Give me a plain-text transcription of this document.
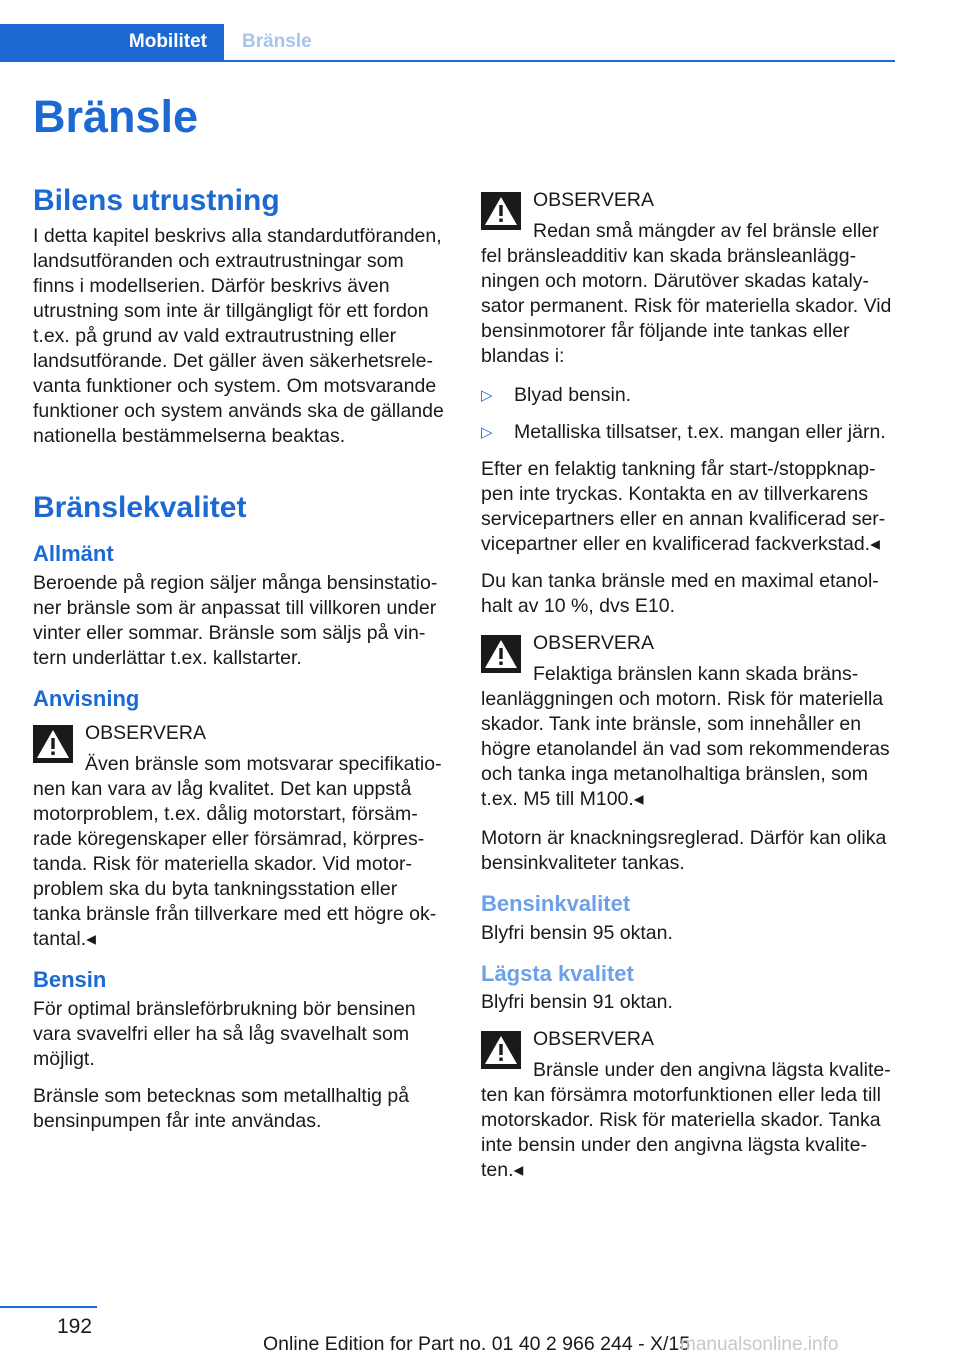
Mobilitet	Bränsle
Bränsle
Bilens utrustning

I detta kapitel beskrivs alla standardutföranden, landsutföranden och extrautrustningar som finns i modellserien. Därför beskrivs även utrustning som inte är tillgängligt för ett fordon t.ex. på grund av vald extrautrustning eller landsutförande. Det gäller även säkerhetsrelevanta funktioner och system. Om motsvarande funktioner och system används ska de gällande nationella bestämmelserna beaktas.

Bränslekvalitet
Allmänt

Beroende på region säljer många bensinstationer bränsle som är anpassat till villkoren under vinter eller sommar. Bränsle som säljs på vintern underlättar t.ex. kallstarter.

Anvisning
OBSERVERA
Även bränsle som motsvarar specifikationen kan vara av låg kvalitet. Det kan uppstå motorproblem, t.ex. dålig motorstart, försämrade köregenskaper eller försämrad, körprestanda. Risk för materiella skador. Vid motorproblem ska du byta tankningsstation eller tanka bränsle från tillverkare med ett högre oktantal.◂
Bensin

För optimal bränsleförbrukning bör bensinen vara svavelfri eller ha så låg svavelhalt som möjligt.

Bränsle som betecknas som metallhaltig på bensinpumpen får inte användas.

OBSERVERA
Redan små mängder av fel bränsle eller fel bränsleadditiv kan skada bränsleanläggningen och motorn. Därutöver skadas katalysator permanent. Risk för materiella skador. Vid bensinmotorer får följande inte tankas eller blandas i:
▷ Blyad bensin.
▷ Metalliska tillsatser, t.ex. mangan eller järn.

Efter en felaktig tankning får start-/stoppknappen inte tryckas. Kontakta en av tillverkarens servicepartners eller en annan kvalificerad servicepartner eller en kvalificerad fackverkstad.◂

Du kan tanka bränsle med en maximal etanolhalt av 10 %, dvs E10.

OBSERVERA
Felaktiga bränslen kann skada bränsleanläggningen och motorn. Risk för materiella skador. Tank inte bränsle, som innehåller en högre etanolandel än vad som rekommenderas och tanka inga metanolhaltiga bränslen, som t.ex. M5 till M100.◂

Motorn är knackningsreglerad. Därför kan olika bensinkvaliteter tankas.

Bensinkvalitet

Blyfri bensin 95 oktan.

Lägsta kvalitet

Blyfri bensin 91 oktan.

OBSERVERA
Bränsle under den angivna lägsta kvaliteten kan försämra motorfunktionen eller leda till motorskador. Risk för materiella skador. Tanka inte bensin under den angivna lägsta kvaliteten.◂
192
Online Edition for Part no. 01 40 2 966 244 - X/15
manualsonline.info
